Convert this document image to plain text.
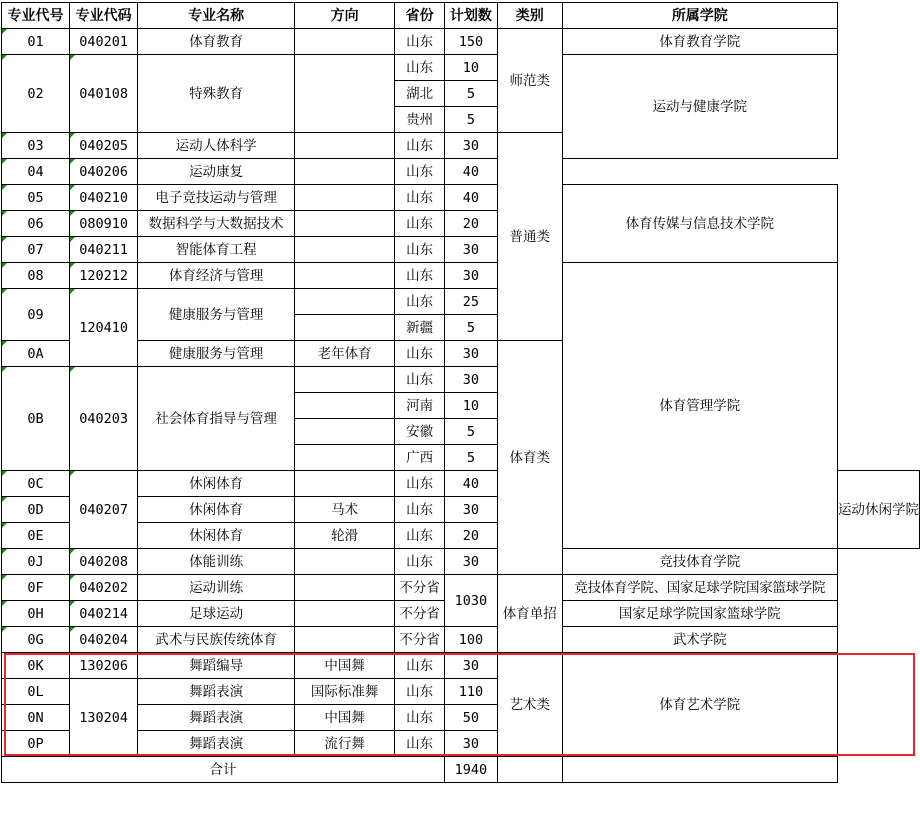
专业代号	专业代码	专业名称	方向	省份	计划数	类别	所属学院	
01	040201	体育教育		山东	150	师范类	体育教育学院	
02	040108	特殊教育		山东	10		运动与健康学院	
				湖北	5			
				贵州	5			
03	040205	运动人体科学		山东	30	普通类		
04	040206	运动康复		山东	40			
05	040210	电子竞技运动与管理		山东	40		体育传媒与信息技术学院	
06	080910	数据科学与大数据技术		山东	20			
07	040211	智能体育工程		山东	30			
08	120212	体育经济与管理		山东	30		体育管理学院	
09	120410	健康服务与管理		山东	25			
				新疆	5			
0A		健康服务与管理	老年体育	山东	30	体育类		
0B	040203	社会体育指导与管理		山东	30			
				河南	10			
				安徽	5			
				广西	5			
0C	040207	休闲体育		山东	40			运动休闲学院
0D		休闲体育	马术	山东	30			
0E		休闲体育	轮滑	山东	20			
0J	040208	体能训练		山东	30		竞技体育学院	
0F	040202	运动训练		不分省	1030	体育单招	竞技体育学院、国家足球学院国家篮球学院	
0H	040214	足球运动		不分省			国家足球学院国家篮球学院	
0G	040204	武术与民族传统体育		不分省	100		武术学院	
0K	130206	舞蹈编导	中国舞	山东	30	艺术类	体育艺术学院	
0L	130204	舞蹈表演	国际标准舞	山东	110			
0N		舞蹈表演	中国舞	山东	50			
0P		舞蹈表演	流行舞	山东	30			
合计					1940			
